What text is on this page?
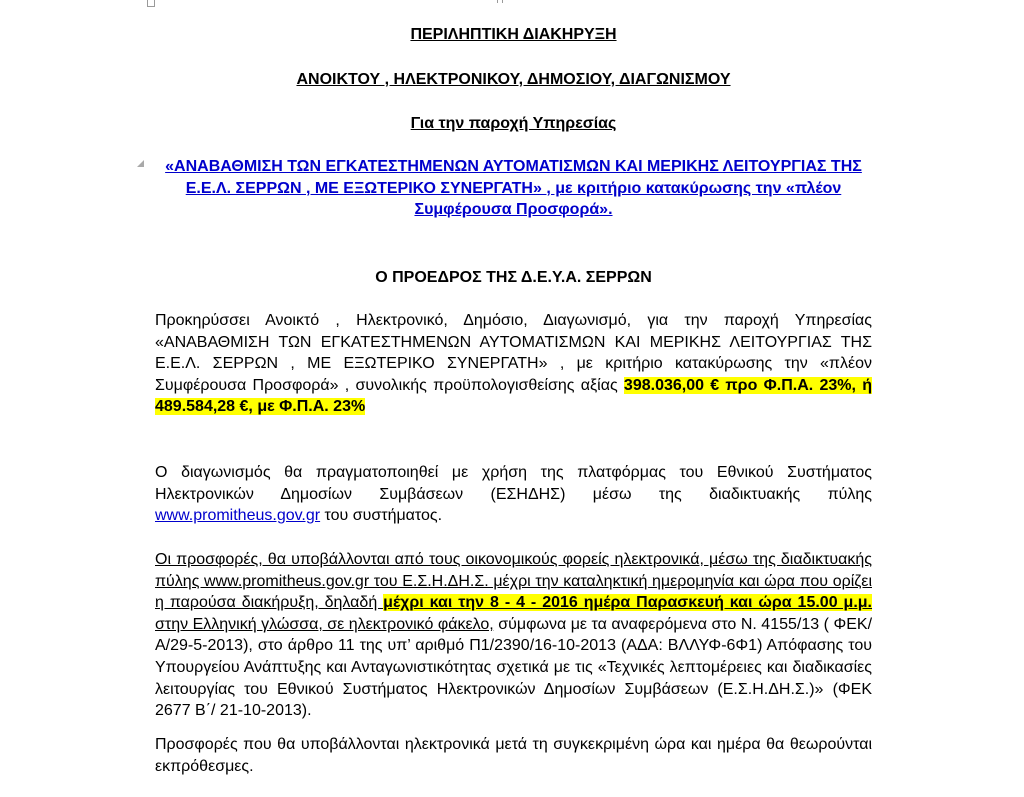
ΠΕΡΙΛΗΠΤΙΚΗ ΔΙΑΚΗΡΥΞΗ

ΑΝΟΙΚΤΟΥ , ΗΛΕΚΤΡΟΝΙΚΟΥ, ΔΗΜΟΣΙΟΥ, ΔΙΑΓΩΝΙΣΜΟΥ

Για την παροχή Υπηρεσίας

«ΑΝΑΒΑΘΜΙΣΗ ΤΩΝ ΕΓΚΑΤΕΣΤΗΜΕΝΩΝ ΑΥΤΟΜΑΤΙΣΜΩΝ ΚΑΙ ΜΕΡΙΚΗΣ ΛΕΙΤΟΥΡΓΙΑΣ ΤΗΣ Ε.Ε.Λ. ΣΕΡΡΩΝ , ΜΕ ΕΞΩΤΕΡΙΚΟ ΣΥΝΕΡΓΑΤΗ» , με κριτήριο κατακύρωσης την «πλέον Συμφέρουσα Προσφορά».

Ο ΠΡΟΕΔΡΟΣ ΤΗΣ Δ.Ε.Υ.Α. ΣΕΡΡΩΝ

Προκηρύσσει Ανοικτό , Ηλεκτρονικό, Δημόσιο, Διαγωνισμό, για την παροχή Υπηρεσίας «ΑΝΑΒΑΘΜΙΣΗ ΤΩΝ ΕΓΚΑΤΕΣΤΗΜΕΝΩΝ ΑΥΤΟΜΑΤΙΣΜΩΝ ΚΑΙ ΜΕΡΙΚΗΣ ΛΕΙΤΟΥΡΓΙΑΣ ΤΗΣ Ε.Ε.Λ. ΣΕΡΡΩΝ , ΜΕ ΕΞΩΤΕΡΙΚΟ ΣΥΝΕΡΓΑΤΗ» , με κριτήριο κατακύρωσης την «πλέον Συμφέρουσα Προσφορά» , συνολικής προϋπολογισθείσης αξίας 398.036,00 € προ Φ.Π.Α. 23%, ή 489.584,28 €, με Φ.Π.Α. 23%

Ο διαγωνισμός θα πραγματοποιηθεί με χρήση της πλατφόρμας του Εθνικού Συστήματος Ηλεκτρονικών Δημοσίων Συμβάσεων (ΕΣΗΔΗΣ) μέσω της διαδικτυακής πύλης www.promitheus.gov.gr του συστήματος.

Οι προσφορές, θα υποβάλλονται από τους οικονομικούς φορείς ηλεκτρονικά, μέσω της διαδικτυακής πύλης www.promitheus.gov.gr του Ε.Σ.Η.ΔΗ.Σ. μέχρι την καταληκτική ημερομηνία και ώρα που ορίζει η παρούσα διακήρυξη, δηλαδή μέχρι και την 8 - 4 - 2016 ημέρα Παρασκευή και ώρα 15.00 μ.μ. στην Ελληνική γλώσσα, σε ηλεκτρονικό φάκελο, σύμφωνα με τα αναφερόμενα στο Ν. 4155/13 ( ΦΕΚ/Α/29-5-2013), στο άρθρο 11 της υπ’ αριθμό Π1/2390/16-10-2013 (ΑΔΑ: ΒΛΛΥΦ-6Φ1) Απόφασης του Υπουργείου Ανάπτυξης και Ανταγωνιστικότητας σχετικά με τις «Τεχνικές λεπτομέρειες και διαδικασίες λειτουργίας του Εθνικού Συστήματος Ηλεκτρονικών Δημοσίων Συμβάσεων (Ε.Σ.Η.ΔΗ.Σ.)» (ΦΕΚ 2677 Β΄/ 21-10-2013).

Προσφορές που θα υποβάλλονται ηλεκτρονικά μετά τη συγκεκριμένη ώρα και ημέρα θα θεωρούνται εκπρόθεσμες.
